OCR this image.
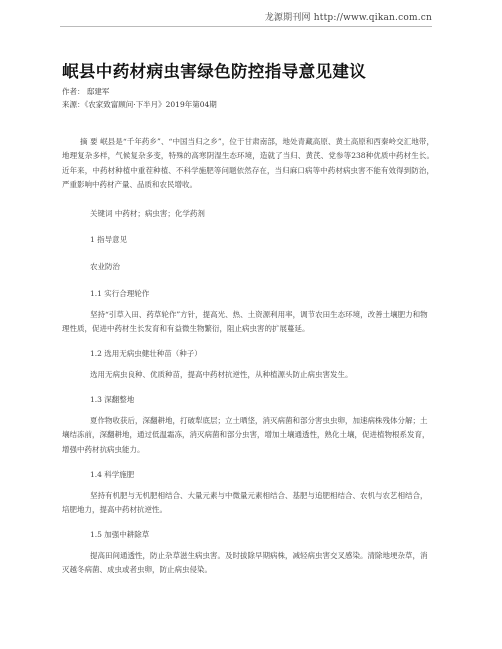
龙源期刊网 http://www.qikan.com.cn
岷县中药材病虫害绿色防控指导意见建议
作者： 邸建军
来源：《农家致富顾问·下半月》2019年第04期

摘 要 岷县是“千年药乡”、“中国当归之乡”，位于甘肃南部，地处青藏高原、黄土高原和西秦岭交汇地带，地理复杂多样，气候复杂多变，特殊的高寒阴湿生态环境，造就了当归、黄芪、党参等238种优质中药材生长。近年来，中药材种植中重茬种植、不科学施肥等问题依然存在，当归麻口病等中药材病虫害不能有效得到防治，严重影响中药材产量、品质和农民增收。

关键词 中药材；病虫害；化学药剂
1 指导意见
农业防治
1.1 实行合理轮作

坚持“引草入田、药草轮作”方针，提高光、热、土资源利用率，调节农田生态环境，改善土壤肥力和物理性质，促进中药材生长发育和有益微生物繁衍，阻止病虫害的扩展蔓延。

1.2 选用无病虫健壮种苗（种子）

选用无病虫良种、优质种苗，提高中药材抗逆性，从种植源头防止病虫害发生。

1.3 深翻整地

夏作物收获后，深翻耕地，打破犁底层；立土晒垡，消灭病菌和部分害虫虫卵，加速病株残体分解；土壤结冻前，深翻耕地，通过低温霜冻，消灭病菌和部分虫害，增加土壤通透性，熟化土壤，促进植物根系发育，增强中药材抗病虫能力。

1.4 科学施肥

坚持有机肥与无机肥相结合、大量元素与中微量元素相结合、基肥与追肥相结合、农机与农艺相结合，培肥地力，提高中药材抗逆性。

1.5 加强中耕除草

提高田间通透性，防止杂草滋生病虫害。及时拔除早期病株，减轻病虫害交叉感染。清除地埂杂草，消灭越冬病菌、成虫或者虫卵，防止病虫侵染。
